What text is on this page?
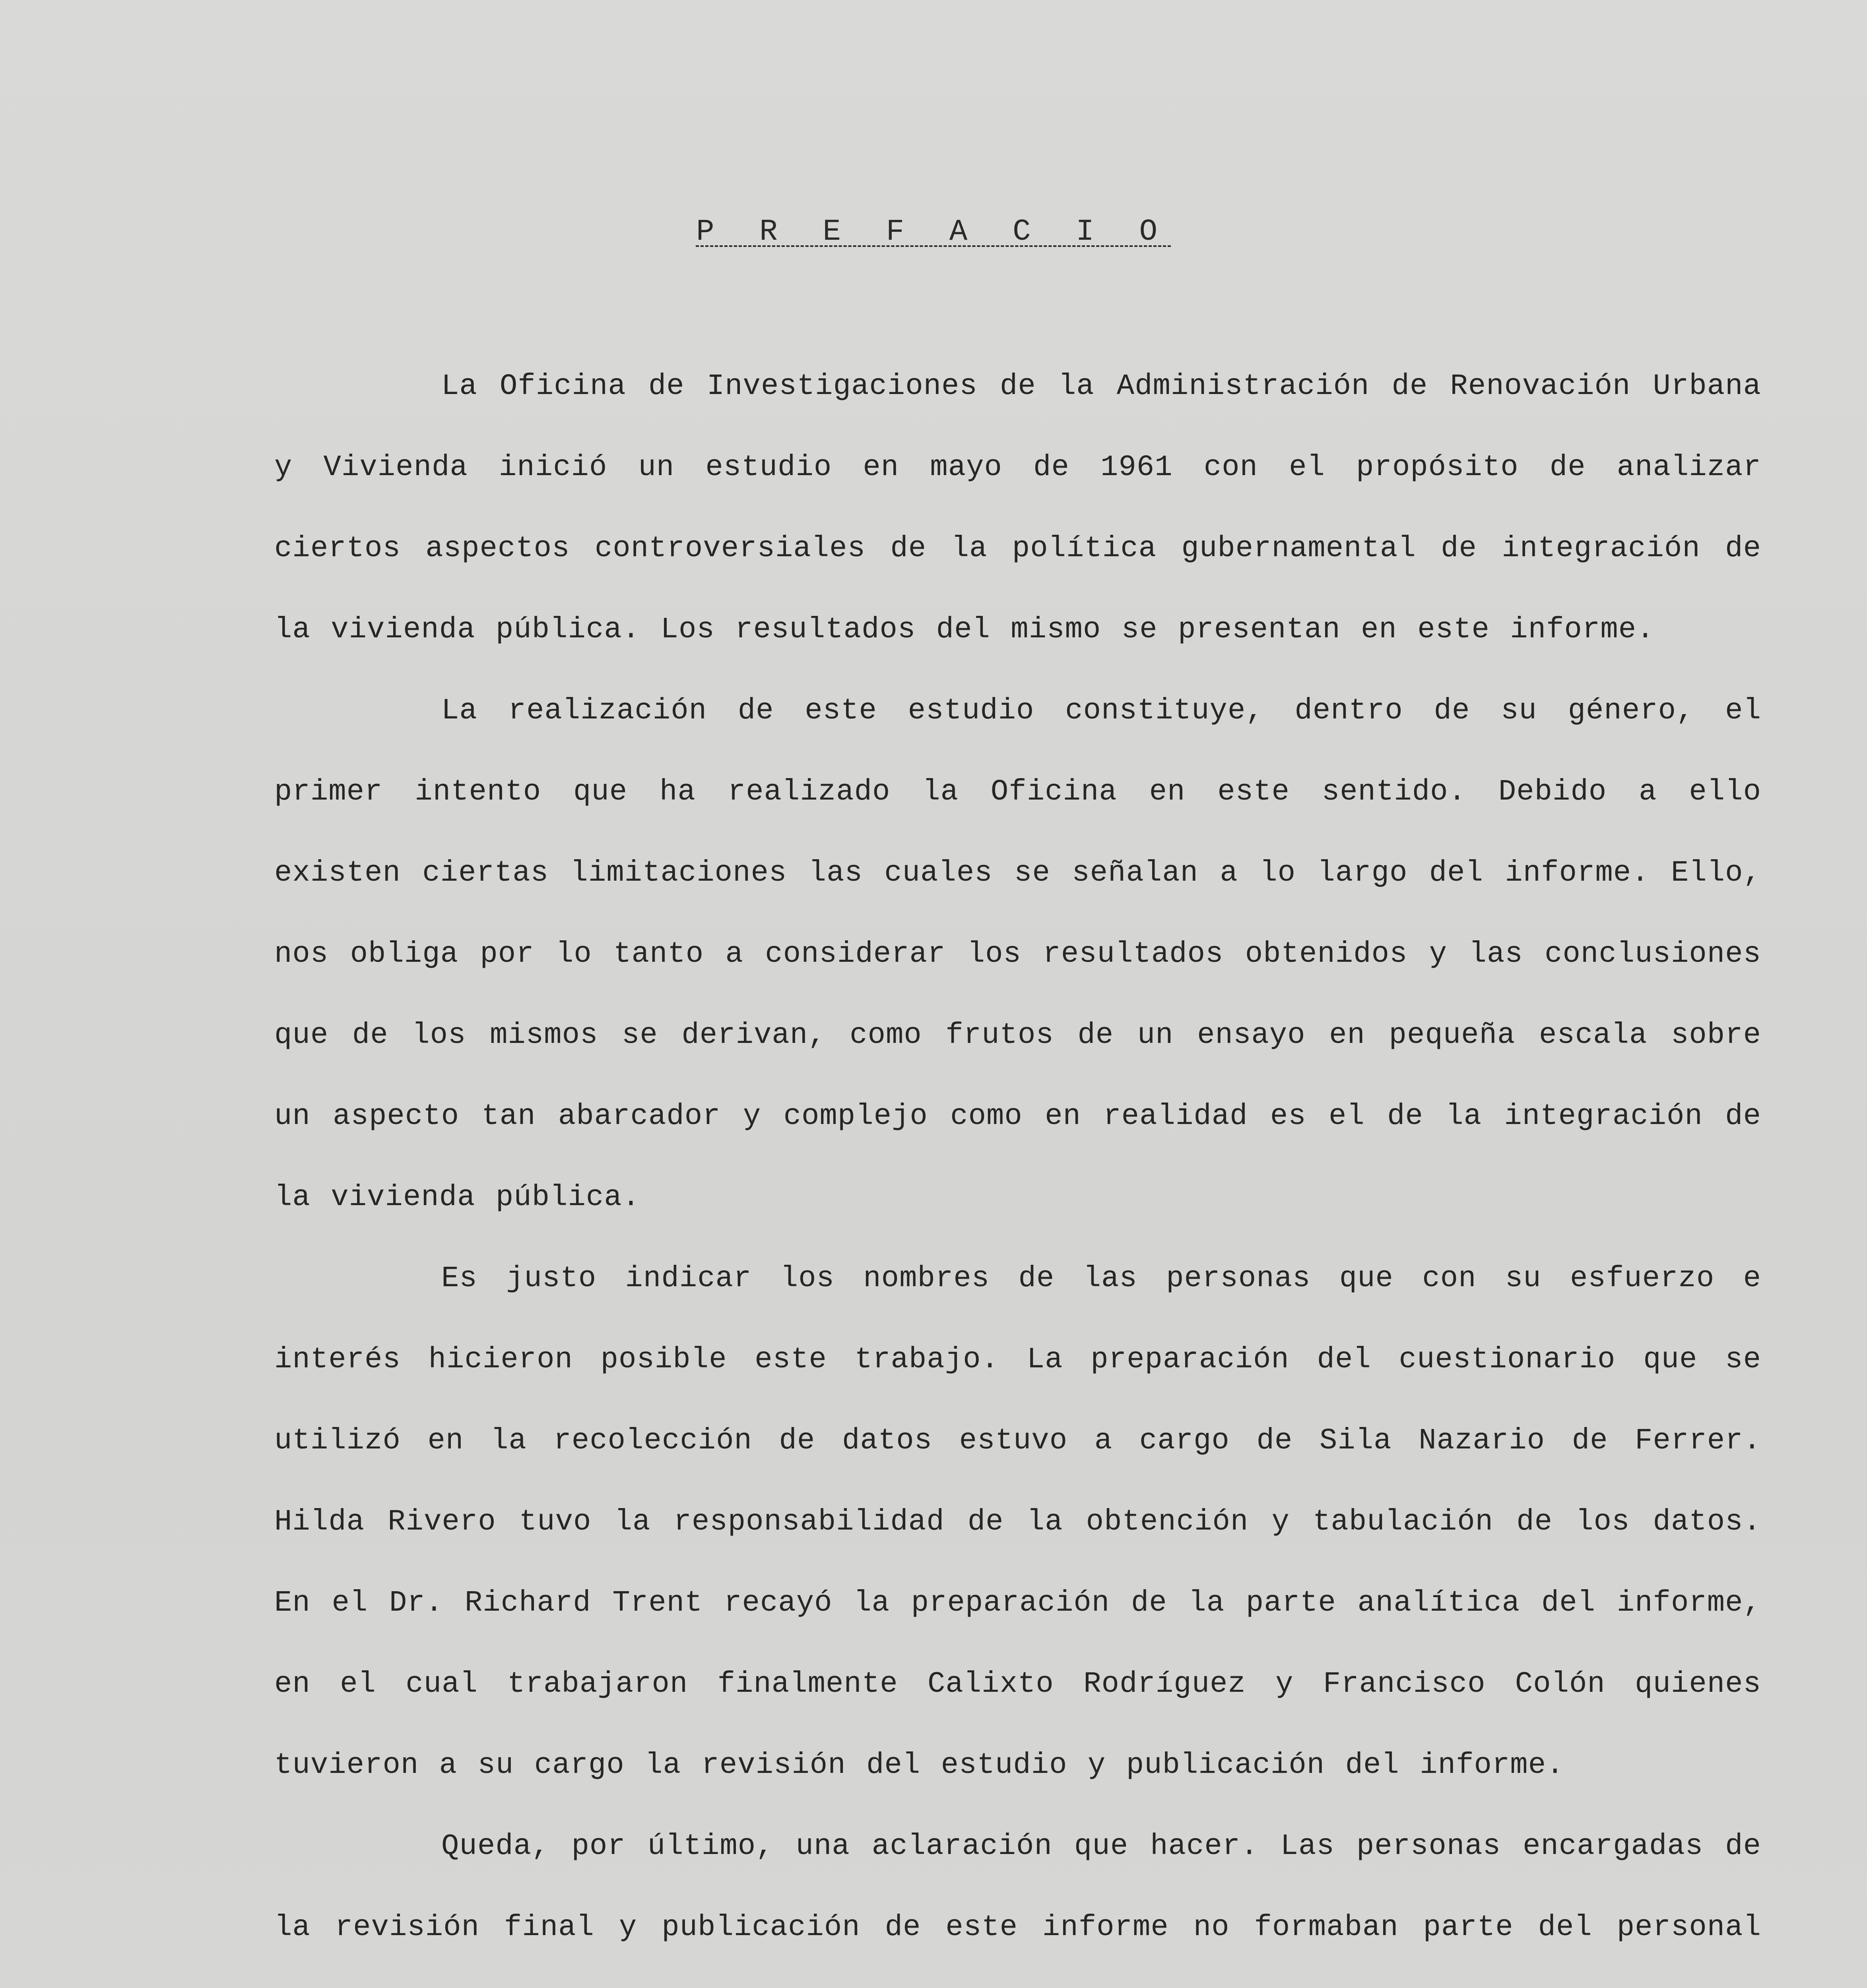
P R E F A C I O

La Oficina de Investigaciones de la Administración de Renovación Urbana y Vivienda inició un estudio en mayo de 1961 con el propósito de analizar ciertos aspectos controversiales de la política gubernamental de integración de la vivienda pública. Los resultados del mismo se presentan en este informe.

La realización de este estudio constituye, dentro de su género, el primer intento que ha realizado la Oficina en este sentido. Debido a ello existen ciertas limitaciones las cuales se señalan a lo largo del informe. Ello, nos obliga por lo tanto a considerar los resultados obtenidos y las conclusiones que de los mismos se derivan, como frutos de un ensayo en pequeña escala sobre un aspecto tan abarcador y complejo como en realidad es el de la integración de la vivienda pública.

Es justo indicar los nombres de las personas que con su esfuerzo e interés hicieron posible este trabajo. La preparación del cuestionario que se utilizó en la recolección de datos estuvo a cargo de Sila Nazario de Ferrer. Hilda Rivero tuvo la responsabilidad de la obtención y tabulación de los datos. En el Dr. Richard Trent recayó la preparación de la parte analítica del informe, en el cual trabajaron finalmente Calixto Rodríguez y Francisco Colón quienes tuvieron a su cargo la revisión del estudio y publicación del informe.

Queda, por último, una aclaración que hacer. Las personas encargadas de la revisión final y publicación de este informe no formaban parte del personal
